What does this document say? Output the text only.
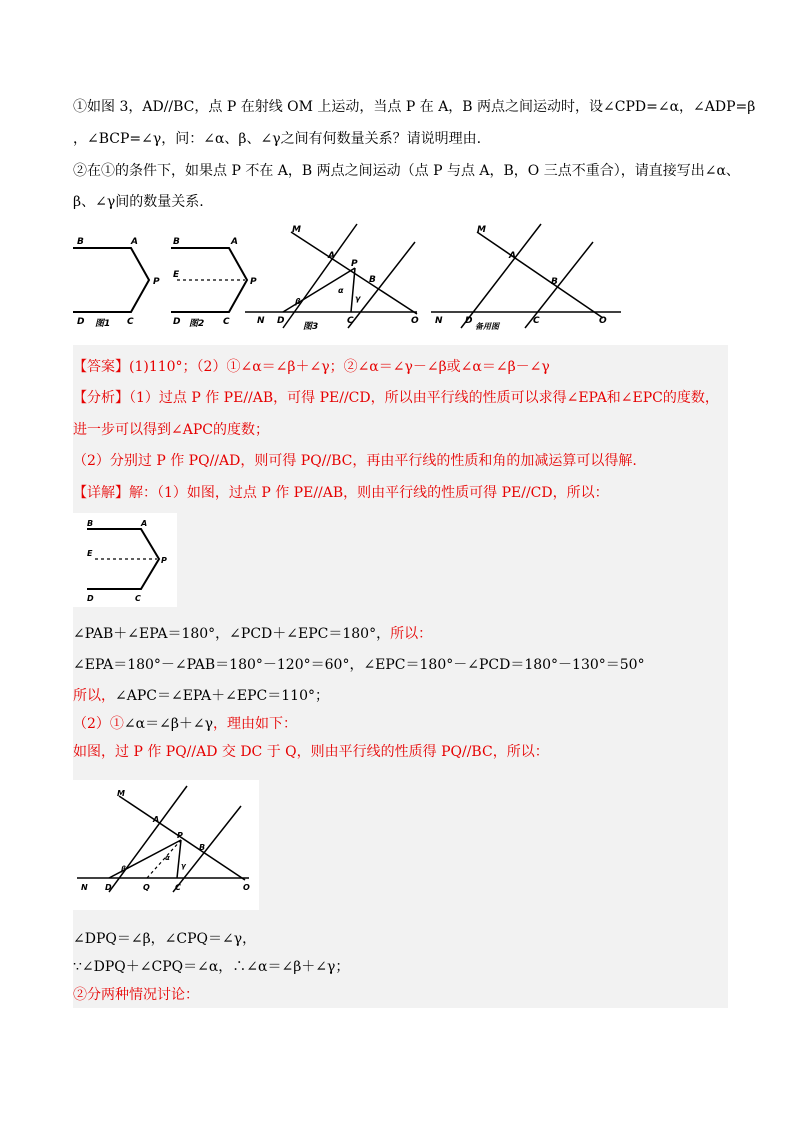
①如图 3，AD//BC，点 P 在射线 OM 上运动，当点 P 在 A，B 两点之间运动时，设∠CPD=∠α，∠ADP=β
，∠BCP=∠γ，问：∠α、β、∠γ之间有何数量关系？请说明理由.
②在①的条件下，如果点 P 不在 A，B 两点之间运动（点 P 与点 A，B，O 三点不重合），请直接写出∠α、
β、∠γ间的数量关系.
B	A
P
D	C
图1
B	A
E
P
D	C
图2
M
A
P
B
α
γ
β
N D	C	O
图3
M
A
B
N D	C	O
备用图
【答案】(1)110°；（2）①∠α＝∠β＋∠γ；②∠α＝∠γ－∠β或∠α＝∠β－∠γ
【分析】（1）过点 P 作 PE//AB，可得 PE//CD，所以由平行线的性质可以求得∠EPA和∠EPC的度数，
进一步可以得到∠APC的度数；
（2）分别过 P 作 PQ//AD，则可得 PQ//BC，再由平行线的性质和角的加减运算可以得解.
【详解】解：（1）如图，过点 P 作 PE//AB，则由平行线的性质可得 PE//CD，所以：
B	A
E
P
D	C
∠PAB＋∠EPA＝180°，∠PCD＋∠EPC＝180°，所以：
∠EPA＝180°－∠PAB＝180°－120°＝60°，∠EPC＝180°－∠PCD＝180°－130°＝50°
所以，∠APC＝∠EPA＋∠EPC＝110°；
（2）①∠α＝∠β＋∠γ，理由如下：
如图，过 P 作 PQ//AD 交 DC 于 Q，则由平行线的性质得 PQ//BC，所以：
M
A
P
B
α
γ
β
N D	Q	C	O
∠DPQ＝∠β，∠CPQ＝∠γ，
∵∠DPQ＋∠CPQ＝∠α，∴∠α＝∠β＋∠γ；
②分两种情况讨论：
